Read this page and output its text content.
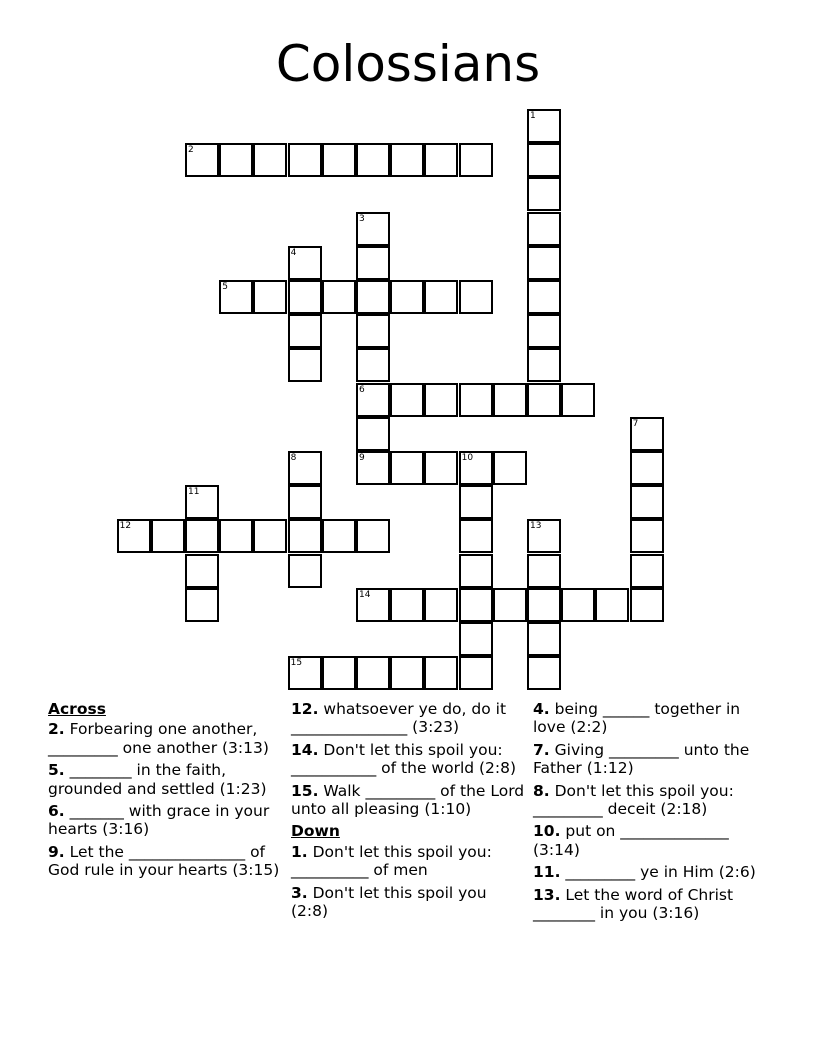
Colossians
1
2
3
6
9
4
5
7
8	10
11
12	13
14
15
Across
2. Forbearing one another, _________ one another (3:13)
5. ________ in the faith, grounded and settled (1:23)
6. _______ with grace in your hearts (3:16)
9. Let the _______________ of God rule in your hearts (3:15)
12. whatsoever ye do, do it _______________ (3:23)
14. Don't let this spoil you: ___________ of the world (2:8)
15. Walk _________ of the Lord unto all pleasing (1:10)
Down
1. Don't let this spoil you: __________ of men
3. Don't let this spoil you (2:8)
4. being ______ together in love (2:2)
7. Giving _________ unto the Father (1:12)
8. Don't let this spoil you: _________ deceit (2:18)
10. put on ______________ (3:14)
11. _________ ye in Him (2:6)
13. Let the word of Christ ________ in you (3:16)
